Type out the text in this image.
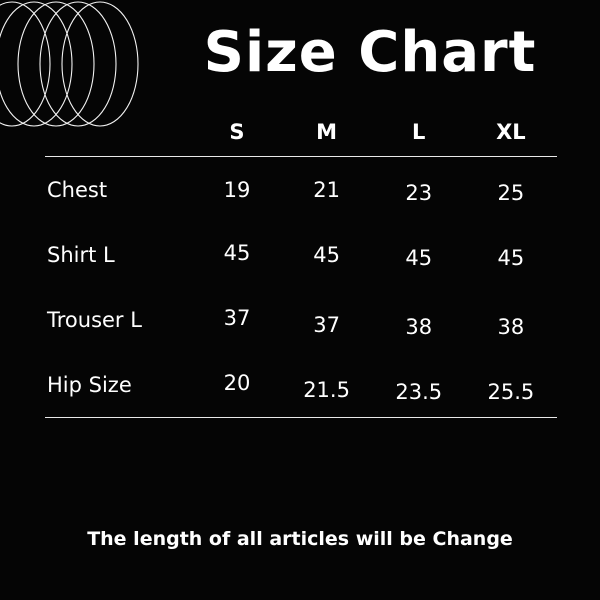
Size Chart
	S	M	L	XL

Chest	19	21	23	25
Shirt L	45	45	45	45
Trouser L	37	37	38	38
Hip Size	20	21.5	23.5	25.5
The length of all articles will be Change
